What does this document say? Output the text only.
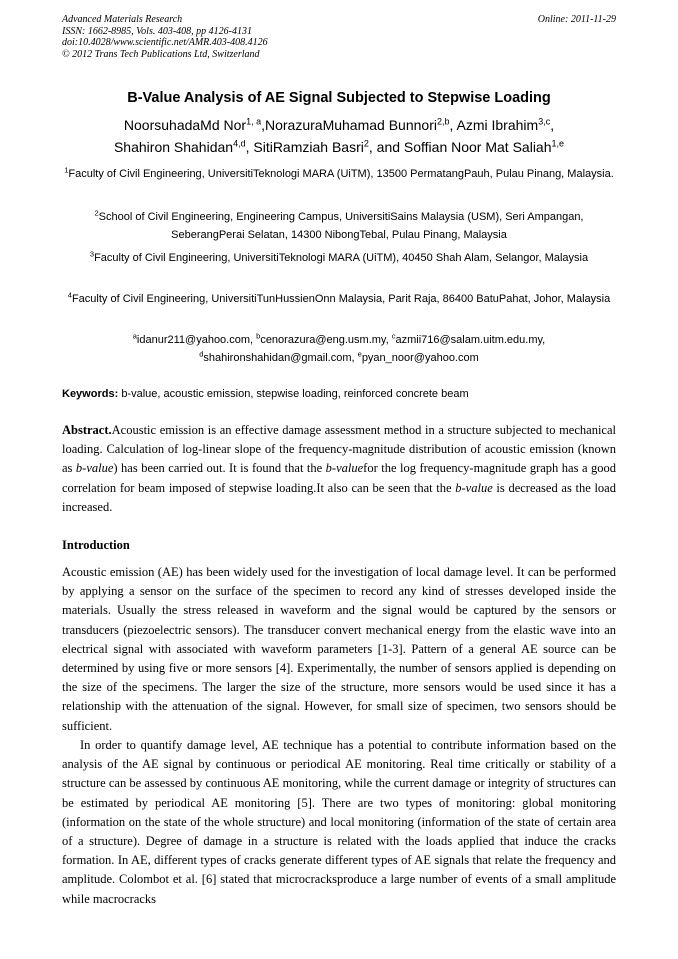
Advanced Materials Research
ISSN: 1662-8985, Vols. 403-408, pp 4126-4131
doi:10.4028/www.scientific.net/AMR.403-408.4126
© 2012 Trans Tech Publications Ltd, Switzerland
Online: 2011-11-29
B-Value Analysis of AE Signal Subjected to Stepwise Loading
NoorsuhadaMd Nor$^{1, a}$,NorazuraMuhamad Bunnori$^{2,b}$, Azmi Ibrahim$^{3,c}$,
Shahiron Shahidan$^{4,d}$, SitiRamziah Basri$^2$, and Soffian Noor Mat Saliah$^{1,e}$
$^1$Faculty of Civil Engineering, UniversitiTeknologi MARA (UiTM), 13500 PermatangPauh, Pulau Pinang, Malaysia.
$^2$School of Civil Engineering, Engineering Campus, UniversitiSains Malaysia (USM), Seri Ampangan, SeberangPerai Selatan, 14300 NibongTebal, Pulau Pinang, Malaysia
$^3$Faculty of Civil Engineering, UniversitiTeknologi MARA (UiTM), 40450 Shah Alam, Selangor, Malaysia
$^4$Faculty of Civil Engineering, UniversitiTunHussienOnn Malaysia, Parit Raja, 86400 BatuPahat, Johor, Malaysia
$^a$idanur211@yahoo.com, $^b$cenorazura@eng.usm.my, $^c$azmii716@salam.uitm.edu.my,
$^d$shahironshahidan@gmail.com, $^e$pyan_noor@yahoo.com
Keywords: b-value, acoustic emission, stepwise loading, reinforced concrete beam

Abstract.Acoustic emission is an effective damage assessment method in a structure subjected to mechanical loading. Calculation of log-linear slope of the frequency-magnitude distribution of acoustic emission (known as b-value) has been carried out. It is found that the b-valuefor the log frequency-magnitude graph has a good correlation for beam imposed of stepwise loading.It also can be seen that the b-value is decreased as the load increased.

Introduction

Acoustic emission (AE) has been widely used for the investigation of local damage level. It can be performed by applying a sensor on the surface of the specimen to record any kind of stresses developed inside the materials. Usually the stress released in waveform and the signal would be captured by the sensors or transducers (piezoelectric sensors). The transducer convert mechanical energy from the elastic wave into an electrical signal with associated with waveform parameters [1-3]. Pattern of a general AE source can be determined by using five or more sensors [4]. Experimentally, the number of sensors applied is depending on the size of the specimens. The larger the size of the structure, more sensors would be used since it has a relationship with the attenuation of the signal. However, for small size of specimen, two sensors should be sufficient.

In order to quantify damage level, AE technique has a potential to contribute information based on the analysis of the AE signal by continuous or periodical AE monitoring. Real time critically or stability of a structure can be assessed by continuous AE monitoring, while the current damage or integrity of structures can be estimated by periodical AE monitoring [5]. There are two types of monitoring: global monitoring (information on the state of the whole structure) and local monitoring (information of the state of certain area of a structure). Degree of damage in a structure is related with the loads applied that induce the cracks formation. In AE, different types of cracks generate different types of AE signals that relate the frequency and amplitude. Colombot et al. [6] stated that microcracksproduce a large number of events of a small amplitude while macrocracks
